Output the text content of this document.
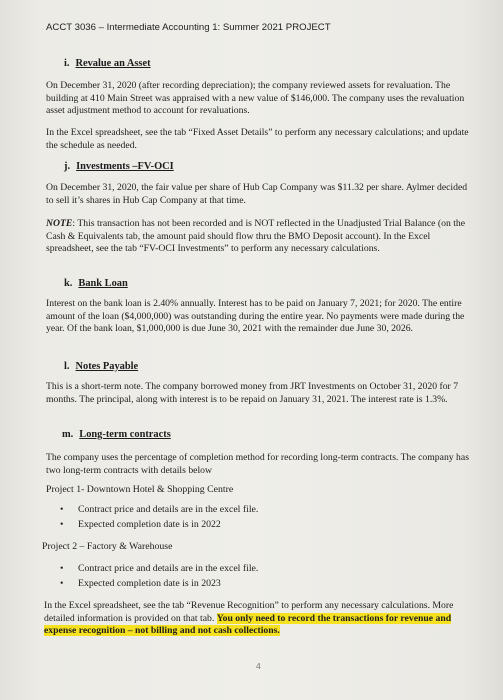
ACCT 3036 – Intermediate Accounting 1: Summer 2021 PROJECT
i. Revalue an Asset
On December 31, 2020 (after recording depreciation); the company reviewed assets for revaluation. The building at 410 Main Street was appraised with a new value of $146,000. The company uses the revaluation asset adjustment method to account for revaluations.
In the Excel spreadsheet, see the tab “Fixed Asset Details” to perform any necessary calculations; and update the schedule as needed.
j. Investments –FV-OCI
On December 31, 2020, the fair value per share of Hub Cap Company was $11.32 per share. Aylmer decided to sell it’s shares in Hub Cap Company at that time.
NOTE: This transaction has not been recorded and is NOT reflected in the Unadjusted Trial Balance (on the Cash & Equivalents tab, the amount paid should flow thru the BMO Deposit account). In the Excel spreadsheet, see the tab “FV-OCI Investments” to perform any necessary calculations.
k. Bank Loan
Interest on the bank loan is 2.40% annually. Interest has to be paid on January 7, 2021; for 2020. The entire amount of the loan ($4,000,000) was outstanding during the entire year. No payments were made during the year. Of the bank loan, $1,000,000 is due June 30, 2021 with the remainder due June 30, 2026.
l. Notes Payable
This is a short-term note. The company borrowed money from JRT Investments on October 31, 2020 for 7 months. The principal, along with interest is to be repaid on January 31, 2021. The interest rate is 1.3%.
m. Long-term contracts
The company uses the percentage of completion method for recording long-term contracts. The company has two long-term contracts with details below
Project 1- Downtown Hotel & Shopping Centre
• Contract price and details are in the excel file.
• Expected completion date is in 2022
Project 2 – Factory & Warehouse
• Contract price and details are in the excel file.
• Expected completion date is in 2023
In the Excel spreadsheet, see the tab “Revenue Recognition” to perform any necessary calculations. More detailed information is provided on that tab. You only need to record the transactions for revenue and expense recognition – not billing and not cash collections.
4
